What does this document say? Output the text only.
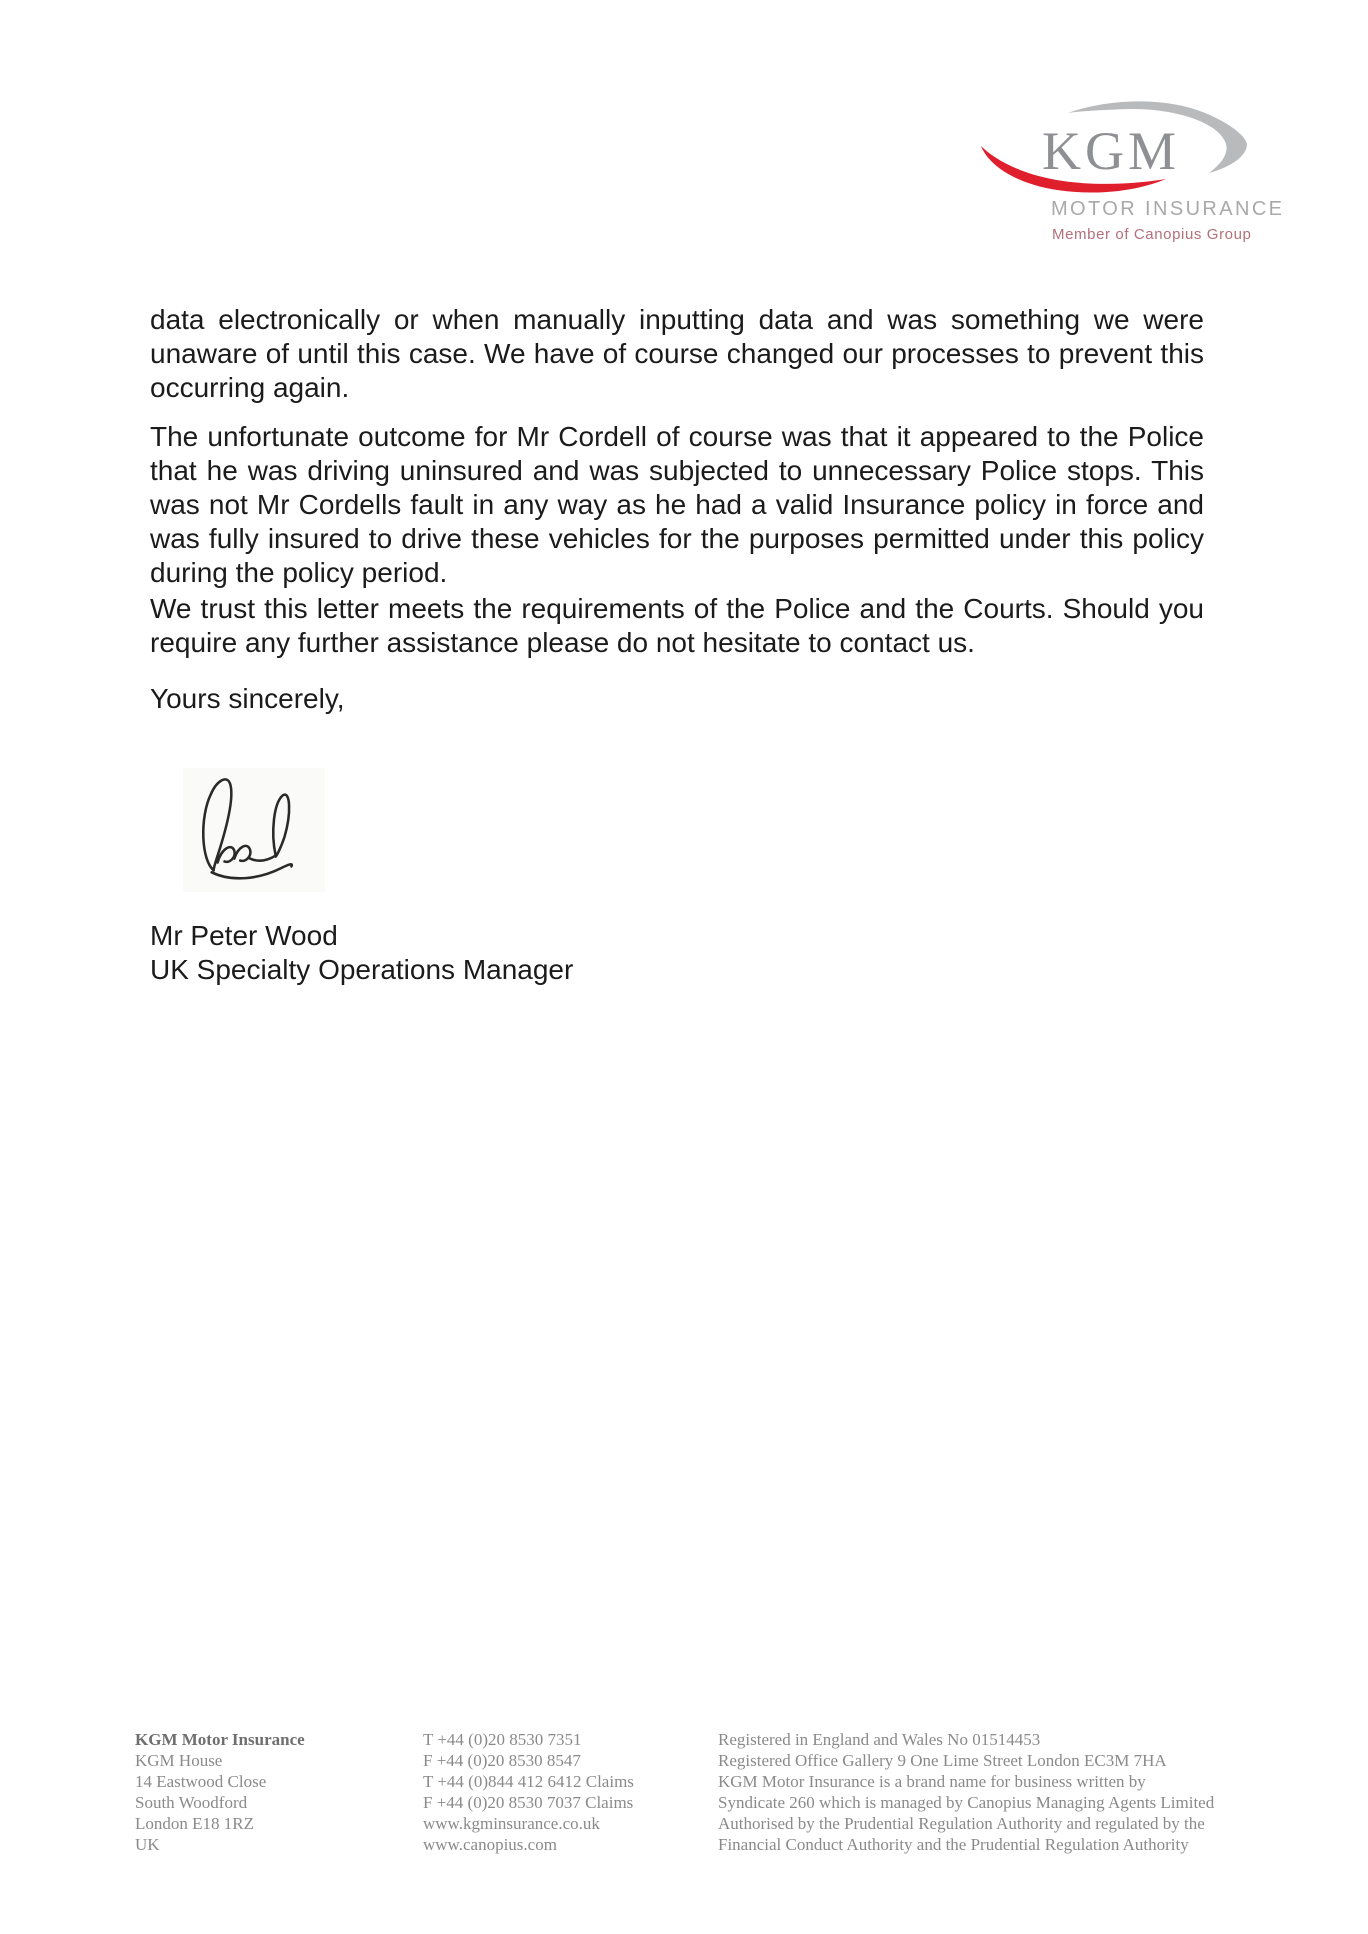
KGM
MOTOR INSURANCE
Member of Canopius Group

data electronically or when manually inputting data and was something we were unaware of until this case. We have of course changed our processes to prevent this occurring again.

The unfortunate outcome for Mr Cordell of course was that it appeared to the Police that he was driving uninsured and was subjected to unnecessary Police stops. This was not Mr Cordells fault in any way as he had a valid Insurance policy in force and was fully insured to drive these vehicles for the purposes permitted under this policy during the policy period.

We trust this letter meets the requirements of the Police and the Courts. Should you require any further assistance please do not hesitate to contact us.

Yours sincerely,
Mr Peter Wood
UK Specialty Operations Manager
KGM Motor Insurance
KGM House
14 Eastwood Close
South Woodford
London E18 1RZ
UK
T +44 (0)20 8530 7351
F +44 (0)20 8530 8547
T +44 (0)844 412 6412 Claims
F +44 (0)20 8530 7037 Claims
www.kgminsurance.co.uk
www.canopius.com
Registered in England and Wales No 01514453
Registered Office Gallery 9 One Lime Street London EC3M 7HA
KGM Motor Insurance is a brand name for business written by
Syndicate 260 which is managed by Canopius Managing Agents Limited
Authorised by the Prudential Regulation Authority and regulated by the
Financial Conduct Authority and the Prudential Regulation Authority
